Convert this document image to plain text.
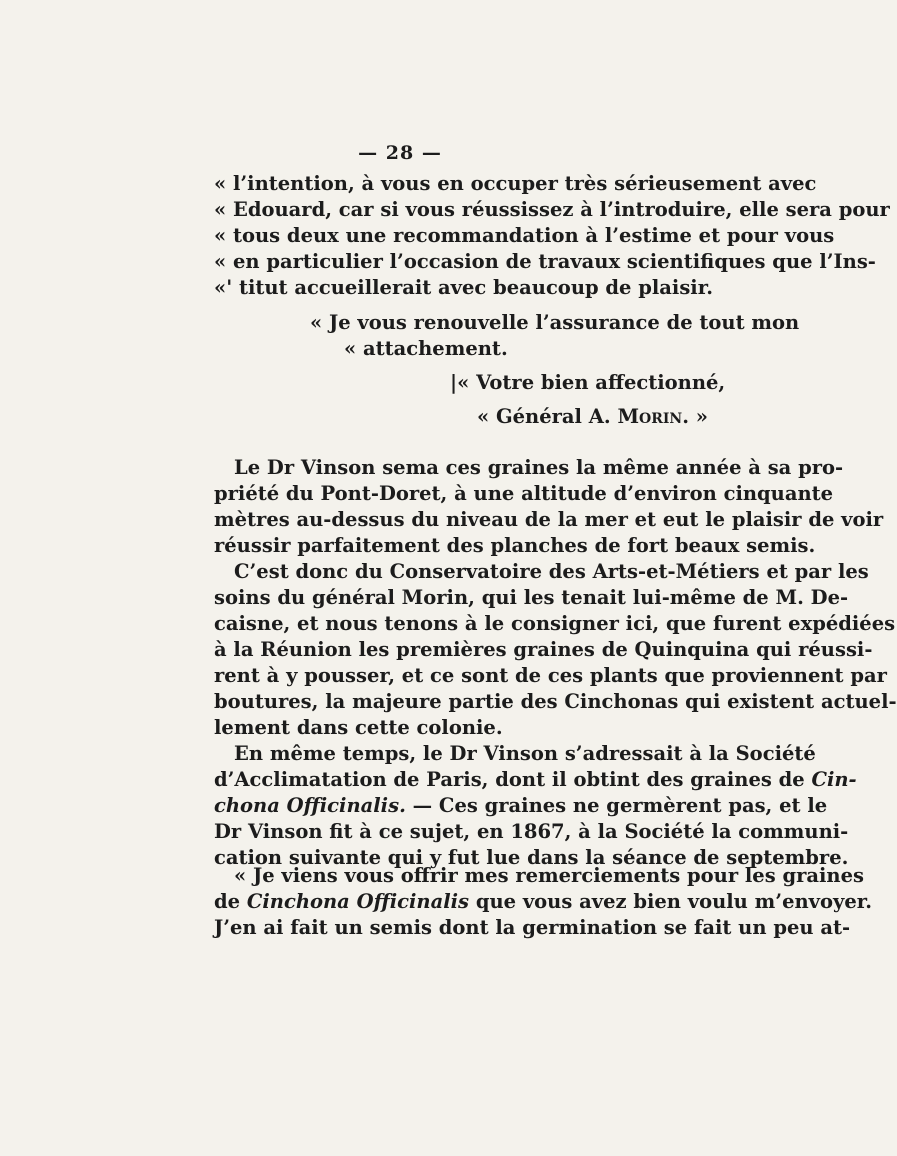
— 28 —
« l’intention, à vous en occuper très sérieusement avec
« Edouard, car si vous réussissez à l’introduire, elle sera pour
« tous deux une recommandation à l’estime et pour vous
« en particulier l’occasion de travaux scientifiques que l’Ins-
«' titut accueillerait avec beaucoup de plaisir.
« Je vous renouvelle l’assurance de tout mon
« attachement.
|« Votre bien affectionné,
« Général A. Morin. »
Le Dr Vinson sema ces graines la même année à sa pro-
priété du Pont-Doret, à une altitude d’environ cinquante
mètres au-dessus du niveau de la mer et eut le plaisir de voir
réussir parfaitement des planches de fort beaux semis.
C’est donc du Conservatoire des Arts-et-Métiers et par les
soins du général Morin, qui les tenait lui-même de M. De-
caisne, et nous tenons à le consigner ici, que furent expédiées
à la Réunion les premières graines de Quinquina qui réussi-
rent à y pousser, et ce sont de ces plants que proviennent par
boutures, la majeure partie des Cinchonas qui existent actuel-
lement dans cette colonie.
En même temps, le Dr Vinson s’adressait à la Société
d’Acclimatation de Paris, dont il obtint des graines de Cin-
chona Officinalis. — Ces graines ne germèrent pas, et le
Dr Vinson fit à ce sujet, en 1867, à la Société la communi-
cation suivante qui y fut lue dans la séance de septembre.
« Je viens vous offrir mes remerciements pour les graines
de Cinchona Officinalis que vous avez bien voulu m’envoyer.
J’en ai fait un semis dont la germination se fait un peu at-
